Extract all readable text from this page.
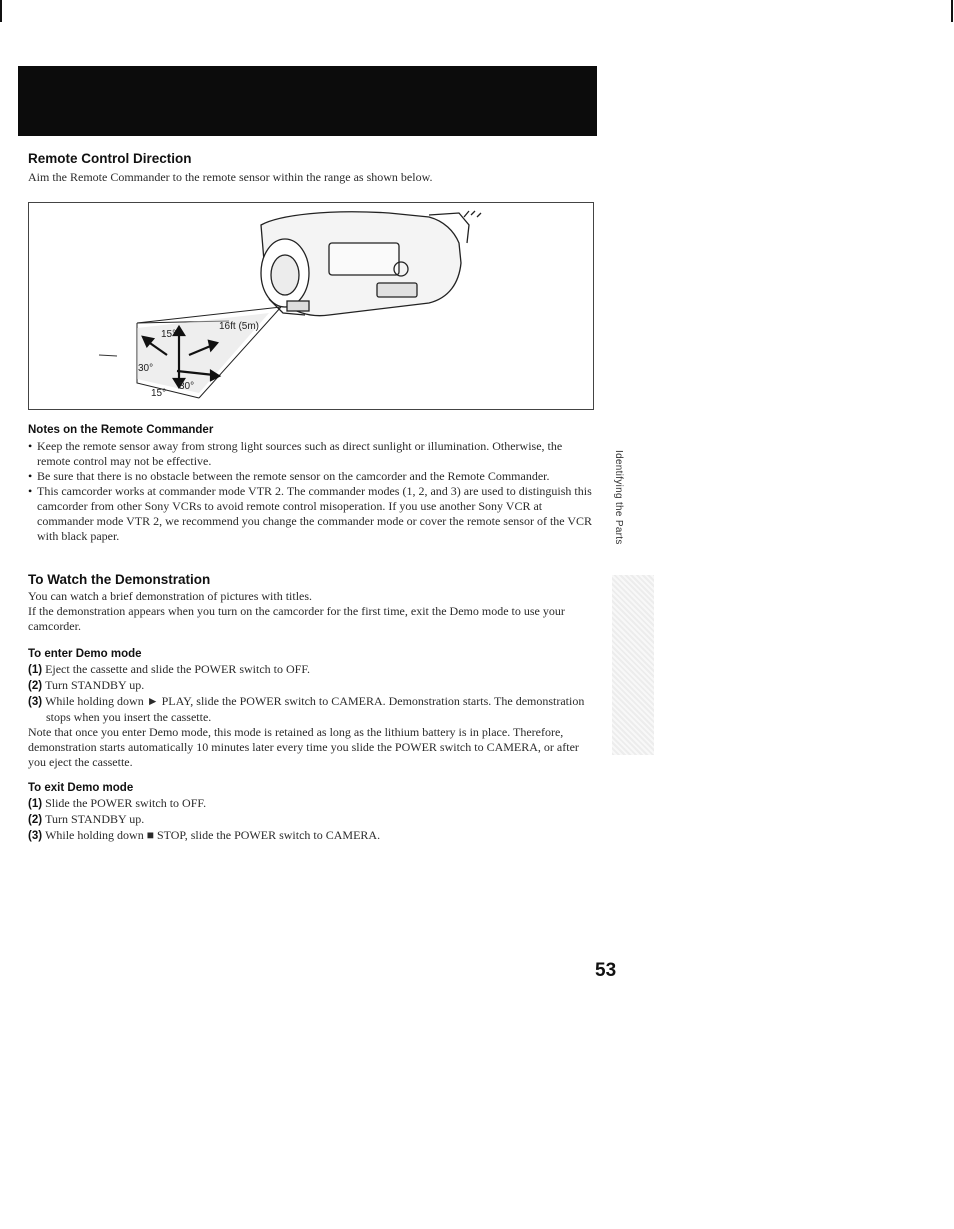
Remote Control Direction

Aim the Remote Commander to the remote sensor within the range as shown below.

16ft (5m)
15°
30°
30°
15°
Notes on the Remote Commander

• Keep the remote sensor away from strong light sources such as direct sunlight or illumination. Otherwise, the remote control may not be effective.

• Be sure that there is no obstacle between the remote sensor on the camcorder and the Remote Commander.

• This camcorder works at commander mode VTR 2. The commander modes (1, 2, and 3) are used to distinguish this camcorder from other Sony VCRs to avoid remote control misoperation. If you use another Sony VCR at commander mode VTR 2, we recommend you change the commander mode or cover the remote sensor of the VCR with black paper.

To Watch the Demonstration

You can watch a brief demonstration of pictures with titles.

If the demonstration appears when you turn on the camcorder for the first time, exit the Demo mode to use your camcorder.

To enter Demo mode

(1) Eject the cassette and slide the POWER switch to OFF.

(2) Turn STANDBY up.

(3) While holding down ► PLAY, slide the POWER switch to CAMERA. Demonstration starts. The demonstration stops when you insert the cassette.

Note that once you enter Demo mode, this mode is retained as long as the lithium battery is in place. Therefore, demonstration starts automatically 10 minutes later every time you slide the POWER switch to CAMERA, or after you eject the cassette.

To exit Demo mode

(1) Slide the POWER switch to OFF.

(2) Turn STANDBY up.

(3) While holding down ■ STOP, slide the POWER switch to CAMERA.

Identifying the Parts
53
